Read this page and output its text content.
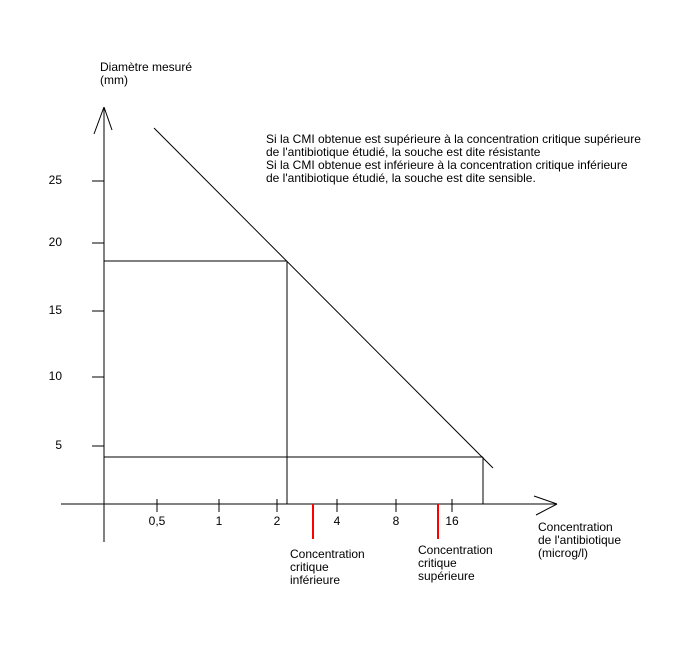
Diamètre mesuré
(mm)
Si la CMI obtenue est supérieure à la concentration critique supérieure
de l'antibiotique étudié, la souche est dite résistante
Si la CMI obtenue est inférieure à la concentration critique inférieure
de l'antibiotique étudié, la souche est dite sensible.
Concentration
de l'antibiotique
(microg/l)
Concentration
critique
inférieure
Concentration
critique
supérieure
25
20
15
10
5
0,5	1	2	4	8	16
